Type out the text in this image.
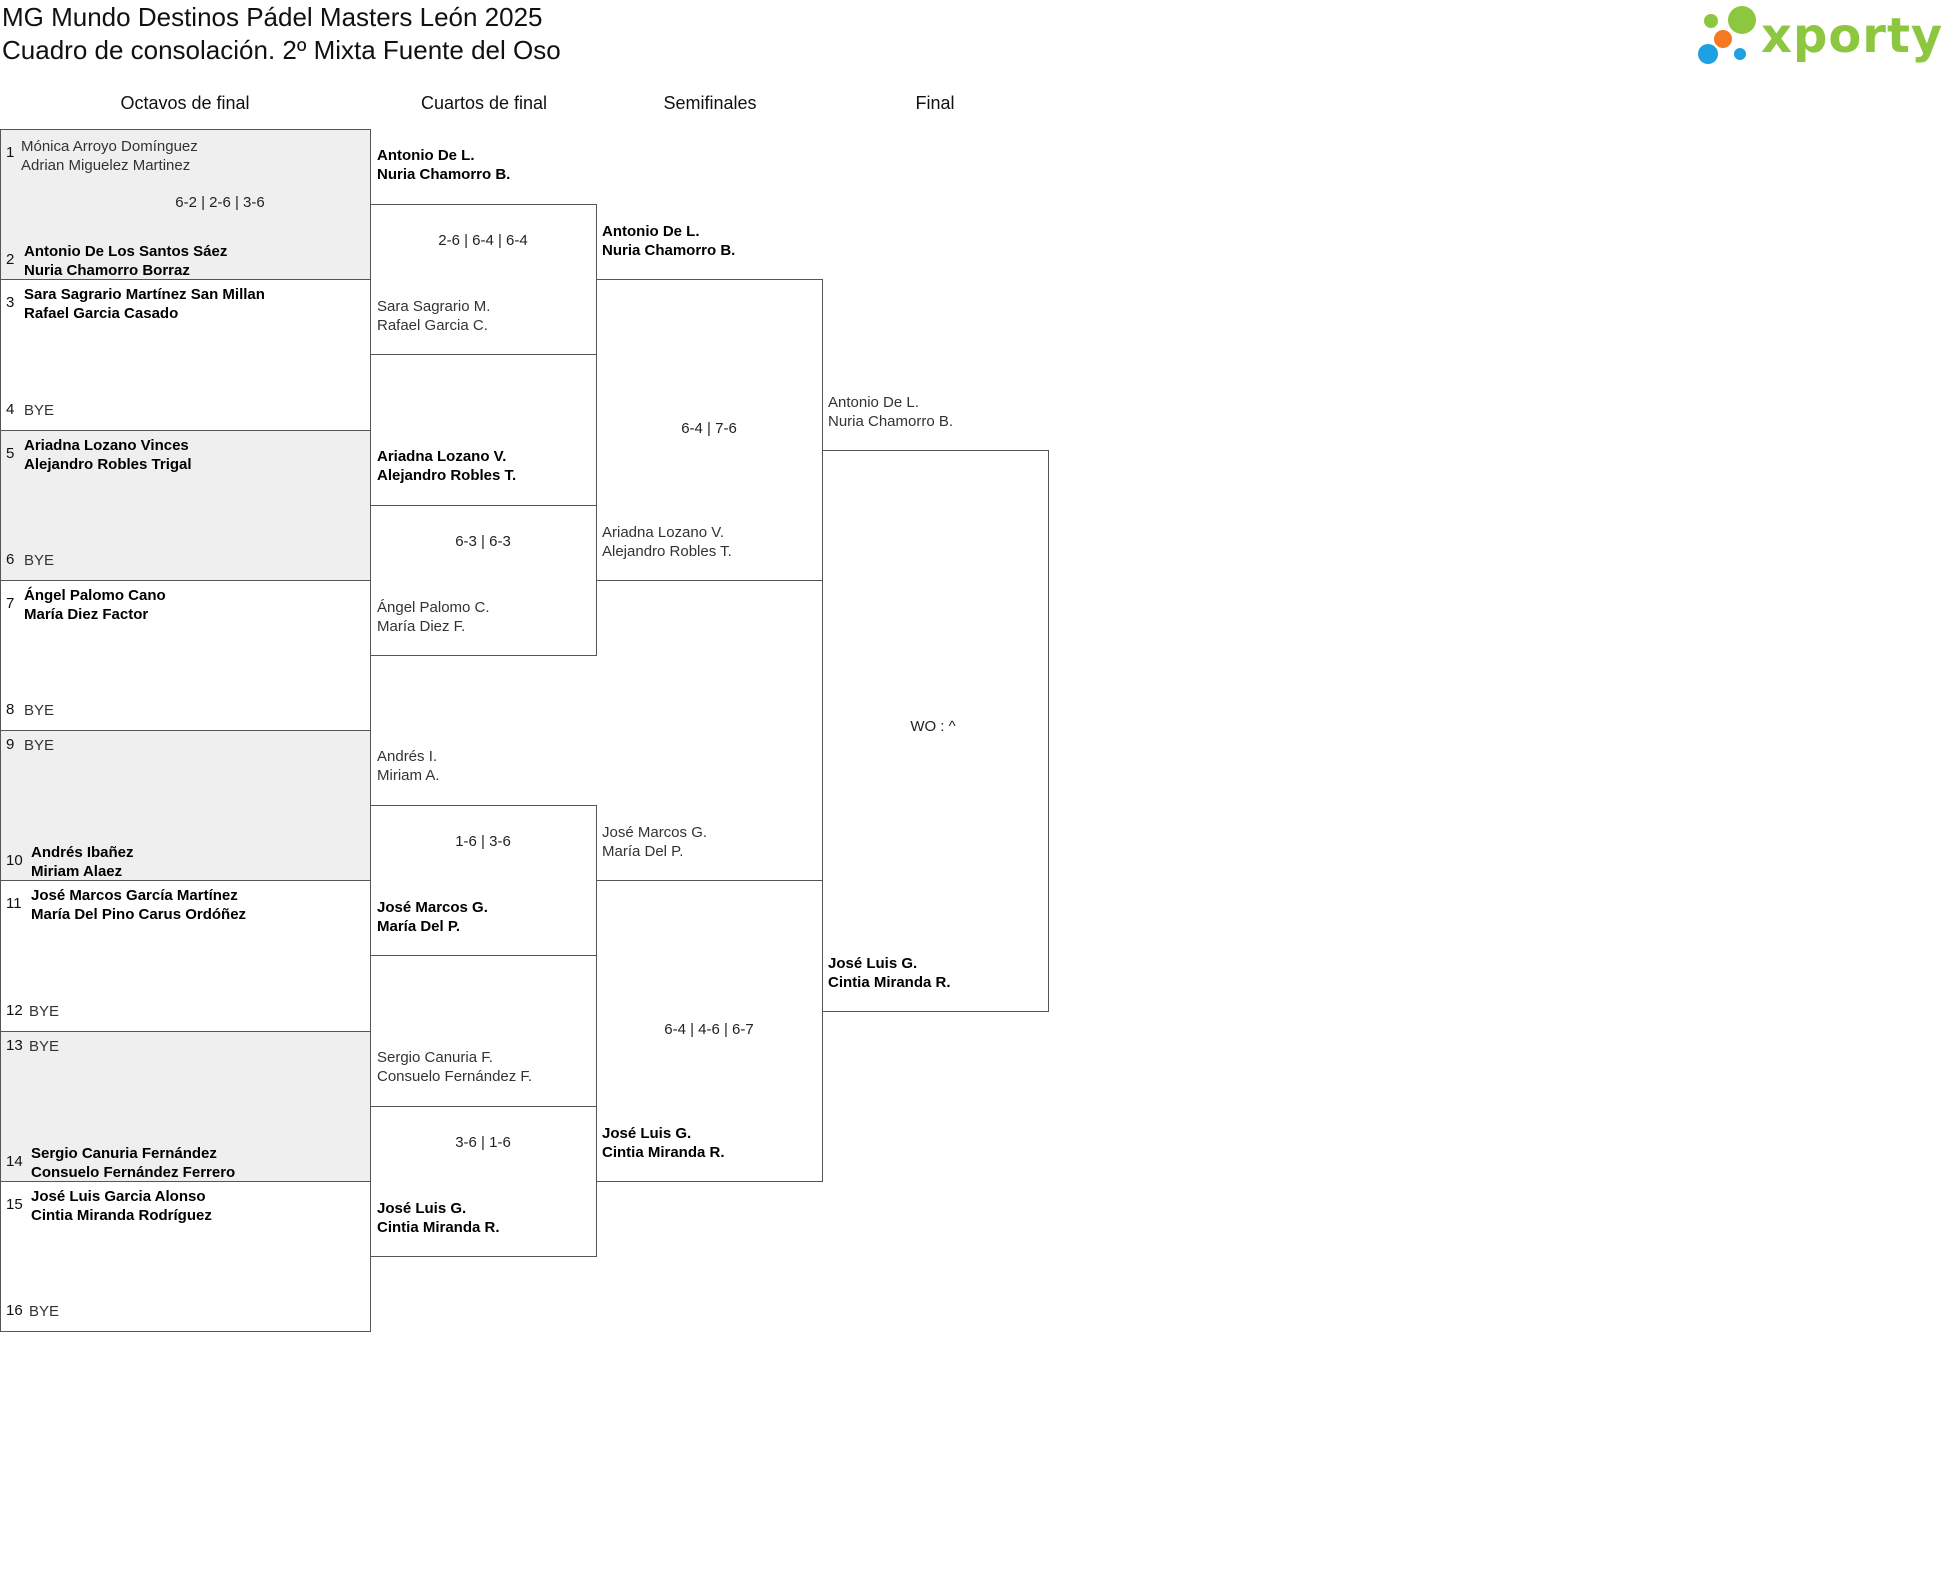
MG Mundo Destinos Pádel Masters León 2025
Cuadro de consolación. 2º Mixta Fuente del Oso	xporty
Octavos de final	Cuartos de final	Semifinales	Final
1 Mónica Arroyo Domínguez
Adrian Miguelez Martinez
2 Antonio De Los Santos Sáez
Nuria Chamorro Borraz
3 Sara Sagrario Martínez San Millan
Rafael Garcia Casado
4 BYE
5 Ariadna Lozano Vinces
Alejandro Robles Trigal
6 BYE
7 Ángel Palomo Cano
María Diez Factor
8 BYE
9 BYE
10 Andrés Ibañez
Miriam Alaez
11 José Marcos García Martínez
María Del Pino Carus Ordóñez
12 BYE
13 BYE
14 Sergio Canuria Fernández
Consuelo Fernández Ferrero
15 José Luis Garcia Alonso
Cintia Miranda Rodríguez
16 BYE
6-2 | 2-6 | 3-6
Antonio De L.
Nuria Chamorro B.
Sara Sagrario M.
Rafael Garcia C.
Ariadna Lozano V.
Alejandro Robles T.
Ángel Palomo C.
María Diez F.
Andrés I.
Miriam A.
José Marcos G.
María Del P.
Sergio Canuria F.
Consuelo Fernández F.
José Luis G.
Cintia Miranda R.
2-6 | 6-4 | 6-4
6-3 | 6-3
1-6 | 3-6
3-6 | 1-6
Antonio De L.
Nuria Chamorro B.
Ariadna Lozano V.
Alejandro Robles T.
José Marcos G.
María Del P.
José Luis G.
Cintia Miranda R.
6-4 | 7-6
6-4 | 4-6 | 6-7
Antonio De L.
Nuria Chamorro B.
José Luis G.
Cintia Miranda R.
WO : ^
